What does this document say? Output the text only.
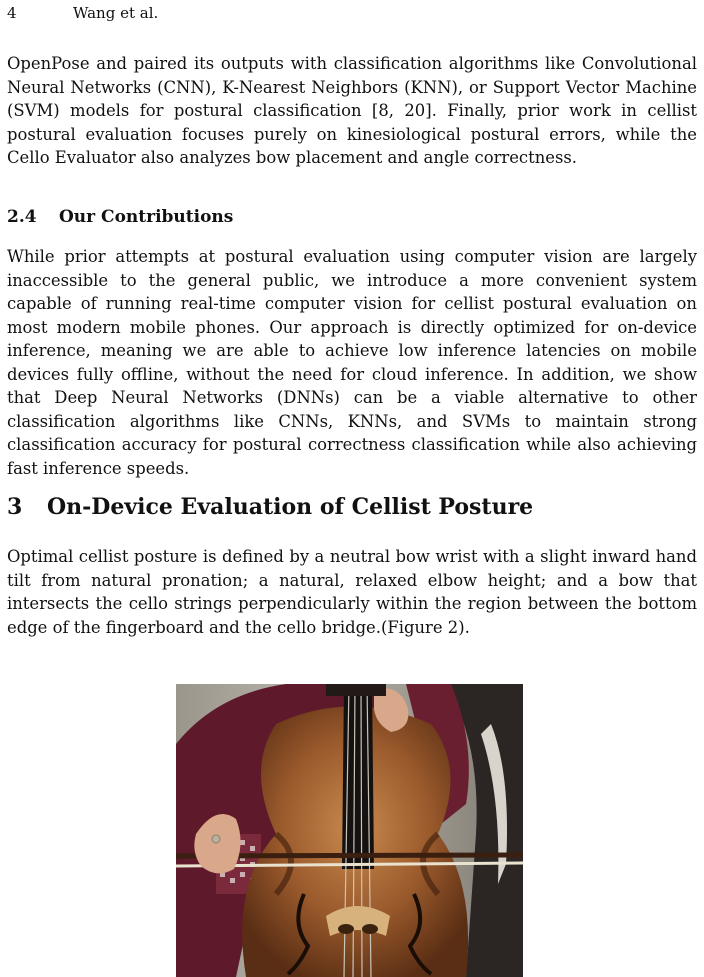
4	Wang et al.

OpenPose and paired its outputs with classification algorithms like Convolutional Neural Networks (CNN), K-Nearest Neighbors (KNN), or Support Vector Machine (SVM) models for postural classification [8, 20]. Finally, prior work in cellist postural evaluation focuses purely on kinesiological postural errors, while the Cello Evaluator also analyzes bow placement and angle correctness.

2.4 Our Contributions

While prior attempts at postural evaluation using computer vision are largely inaccessible to the general public, we introduce a more convenient system capable of running real-time computer vision for cellist postural evaluation on most modern mobile phones. Our approach is directly optimized for on-device inference, meaning we are able to achieve low inference latencies on mobile devices fully offline, without the need for cloud inference. In addition, we show that Deep Neural Networks (DNNs) can be a viable alternative to other classification algorithms like CNNs, KNNs, and SVMs to maintain strong classification accuracy for postural correctness classification while also achieving fast inference speeds.

3 On-Device Evaluation of Cellist Posture

Optimal cellist posture is defined by a neutral bow wrist with a slight inward hand tilt from natural pronation; a natural, relaxed elbow height; and a bow that intersects the cello strings perpendicularly within the region between the bottom edge of the fingerboard and the cello bridge.(Figure 2).
